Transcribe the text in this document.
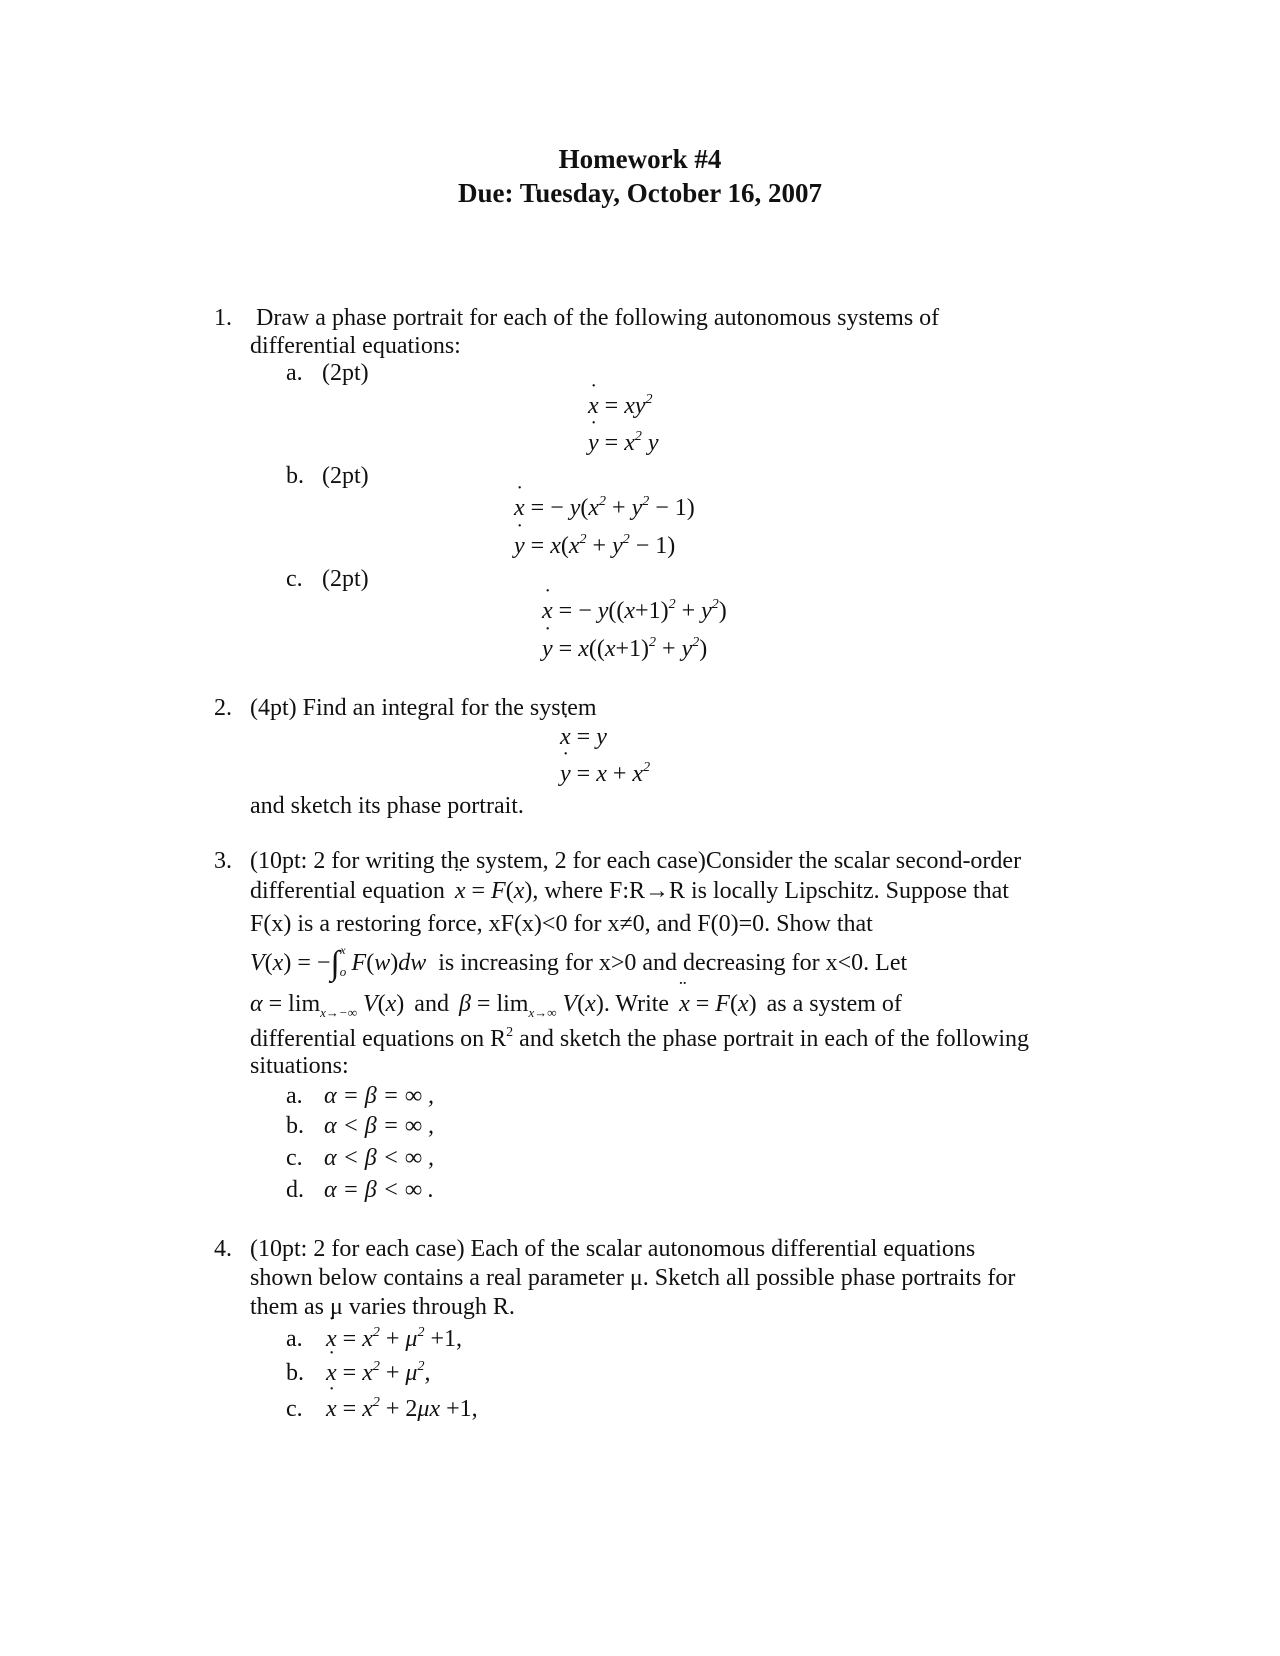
Homework #4
Due: Tuesday, October 16, 2007
1. Draw a phase portrait for each of the following autonomous systems of
differential equations:
a. (2pt)
˙ $x = xy^2$
˙ $y = x^2$ y
b. (2pt)
˙ x = − $y(x^2 + y^2 - 1)$
˙ $y = x(x^2 + y^2 - 1)$
c. (2pt)
˙ x = − $y((x+1)^2 + y^2)$
˙ $y = x((x+1)^2 + y^2)$
2. (4pt) Find an integral for the system
˙ x = y
˙ $y = x + x^2$
and sketch its phase portrait.
3. (10pt: 2 for writing the system, 2 for each case)Consider the scalar second-order
differential equation ¨ x = F(x), where F:R→R is locally Lipschitz. Suppose that
F(x) is a restoring force, xF(x)<0 for x≠0, and F(0)=0. Show that
$V(x) = -\int_o^x$ F(w)dw is increasing for x>0 and decreasing for x<0. Let
$\alpha = \lim_{x\to-\infty} V(x)$ and $\beta = \lim_{x\to\infty} V(x)$. Write ¨ x = F(x) as a system of
differential equations on $R^2$ and sketch the phase portrait in each of the following
situations:
a. α = β = ∞ ,
b. α < β = ∞ ,
c. α < β < ∞ ,
d. α = β < ∞ .
4. (10pt: 2 for each case) Each of the scalar autonomous differential equations
shown below contains a real parameter μ. Sketch all possible phase portraits for
them as μ varies through R.
a. ˙ $x = x^2 + \mu^2 +1$,
b. ˙ $x = x^2 + \mu^2$,
c. ˙ $x = x^2 + 2\mu x +1$,
